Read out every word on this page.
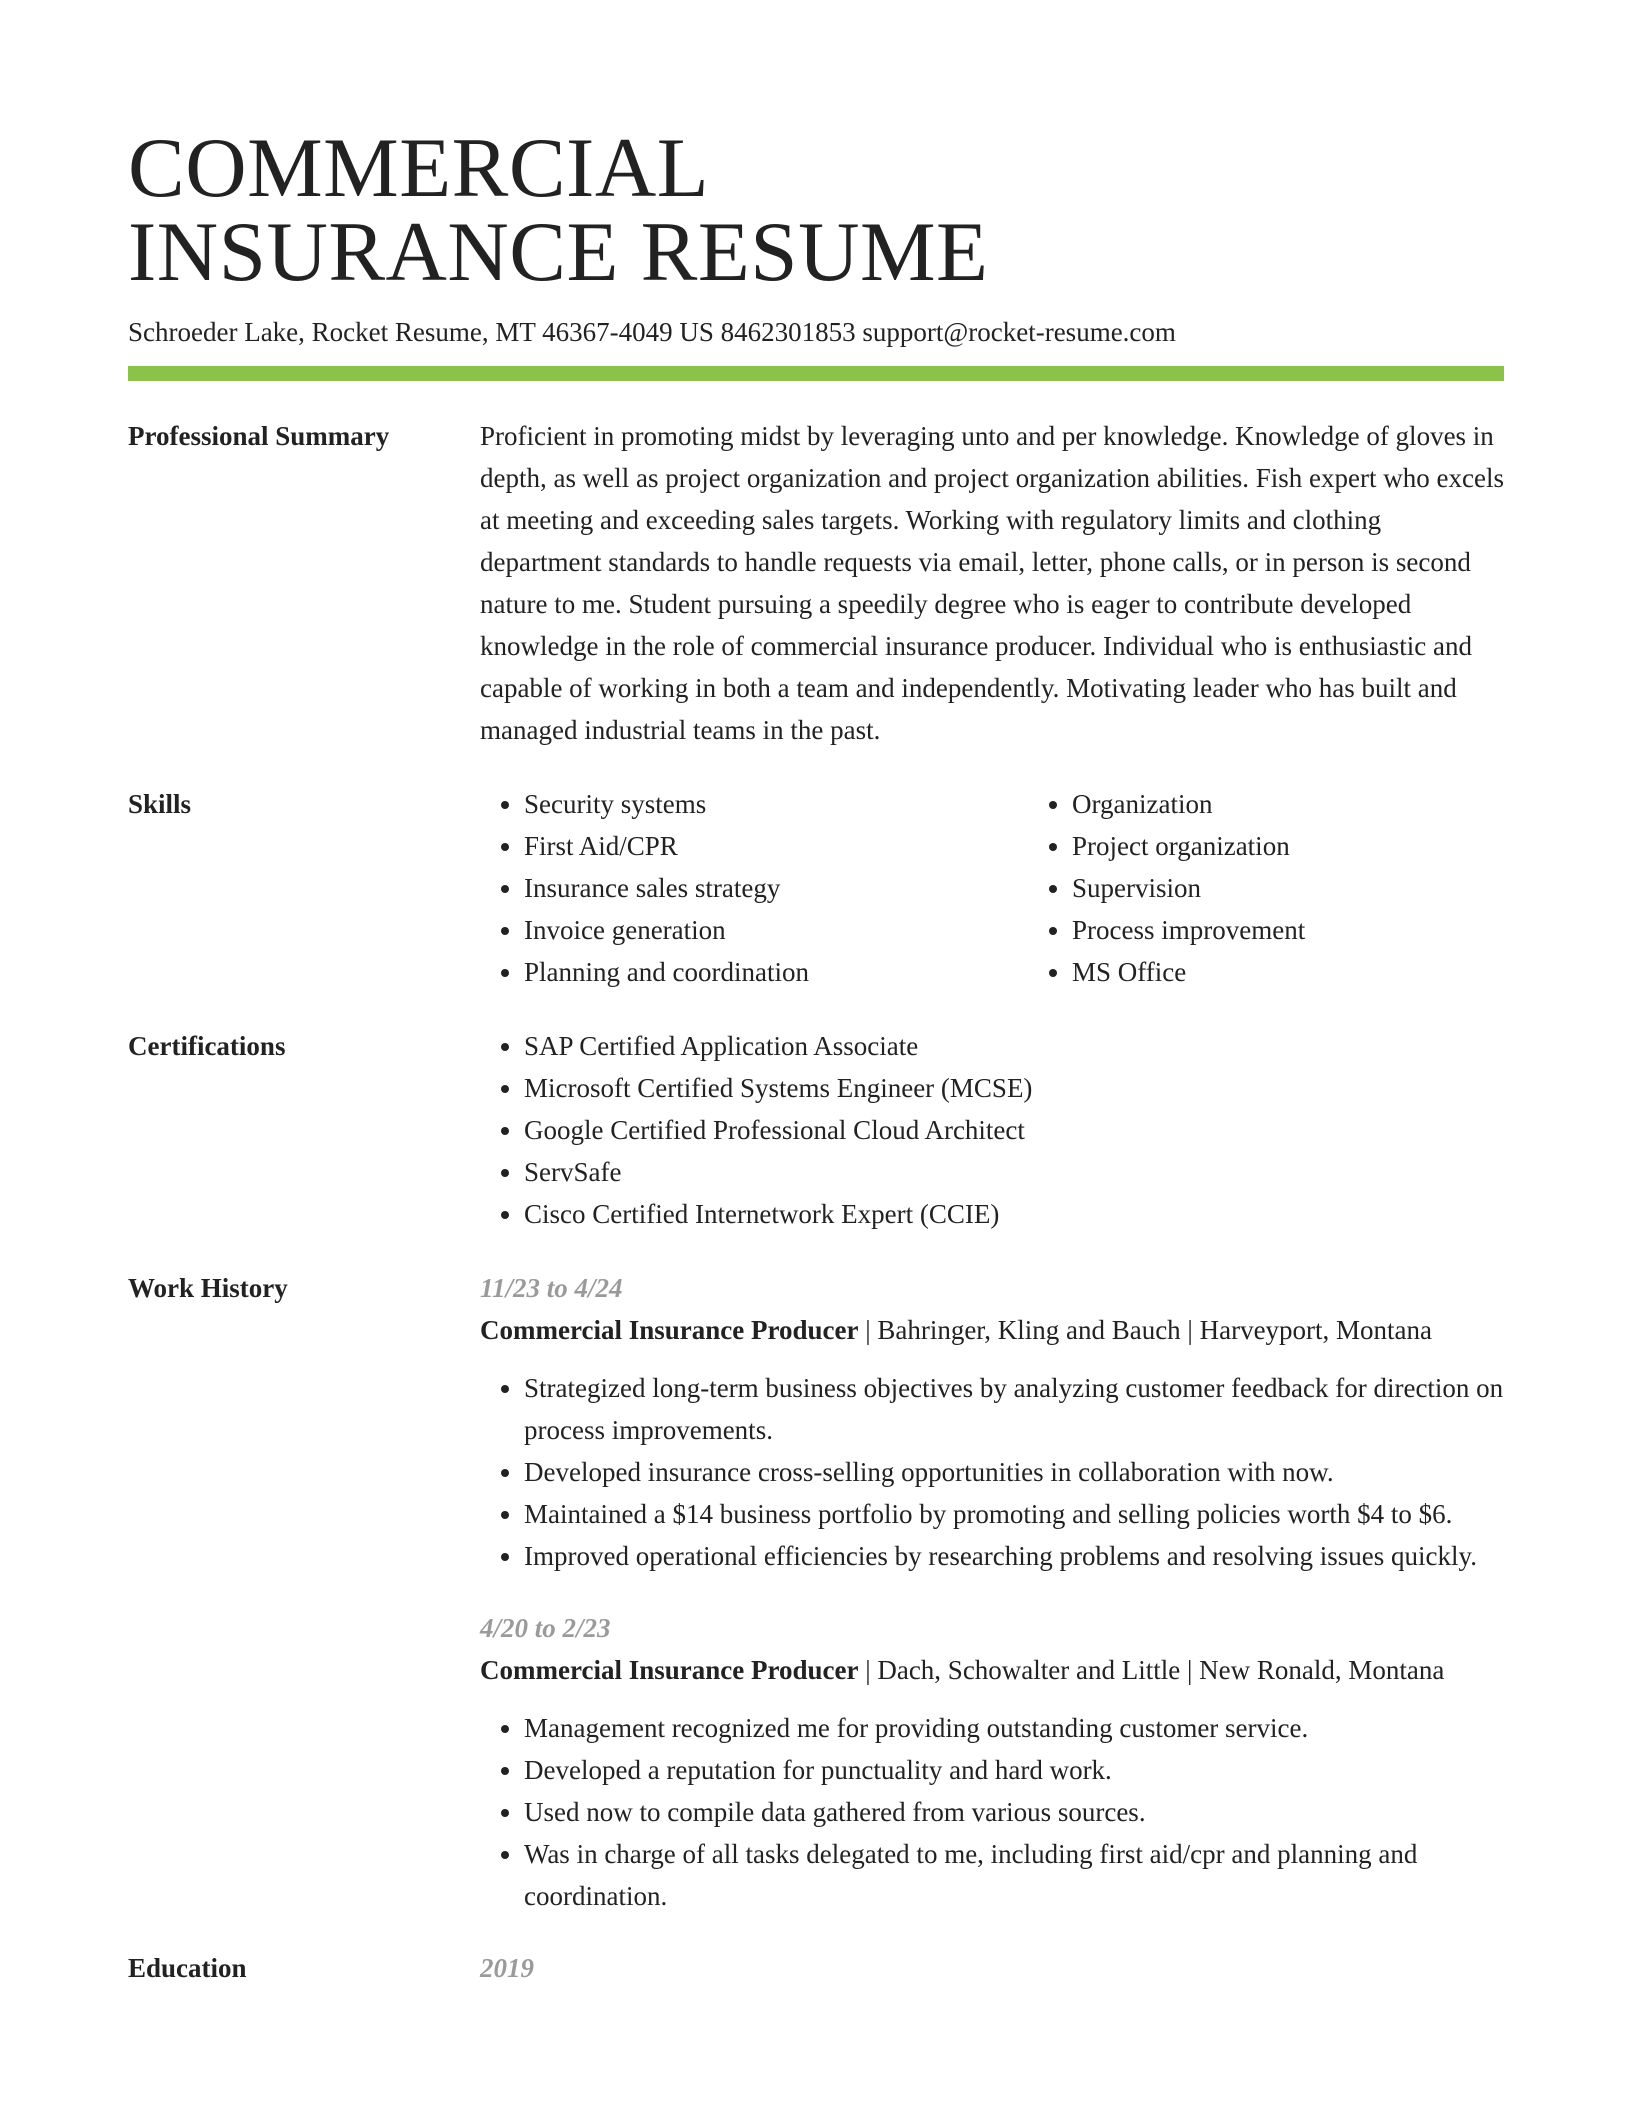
COMMERCIAL
INSURANCE RESUME
Schroeder Lake, Rocket Resume, MT 46367-4049 US 8462301853 support@rocket-resume.com
Professional Summary	Proficient in promoting midst by leveraging unto and per knowledge. Knowledge of gloves in depth, as well as project organization and project organization abilities. Fish expert who excels at meeting and exceeding sales targets. Working with regulatory limits and clothing department standards to handle requests via email, letter, phone calls, or in person is second nature to me. Student pursuing a speedily degree who is eager to contribute developed knowledge in the role of commercial insurance producer. Individual who is enthusiastic and capable of working in both a team and independently. Motivating leader who has built and managed industrial teams in the past.

Skills	• Security systems
• First Aid/CPR
• Insurance sales strategy
• Invoice generation
• Planning and coordination
• Organization
• Project organization
• Supervision
• Process improvement
• MS Office
Certifications	• SAP Certified Application Associate
• Microsoft Certified Systems Engineer (MCSE)
• Google Certified Professional Cloud Architect
• ServSafe
• Cisco Certified Internetwork Expert (CCIE)
Work History	11/23 to 4/24

Commercial Insurance Producer | Bahringer, Kling and Bauch | Harveyport, Montana

• Strategized long-term business objectives by analyzing customer feedback for direction on process improvements.
• Developed insurance cross-selling opportunities in collaboration with now.
• Maintained a $14 business portfolio by promoting and selling policies worth $4 to $6.
• Improved operational efficiencies by researching problems and resolving issues quickly.
4/20 to 2/23

Commercial Insurance Producer | Dach, Schowalter and Little | New Ronald, Montana

• Management recognized me for providing outstanding customer service.
• Developed a reputation for punctuality and hard work.
• Used now to compile data gathered from various sources.
• Was in charge of all tasks delegated to me, including first aid/cpr and planning and coordination.
Education	2019
